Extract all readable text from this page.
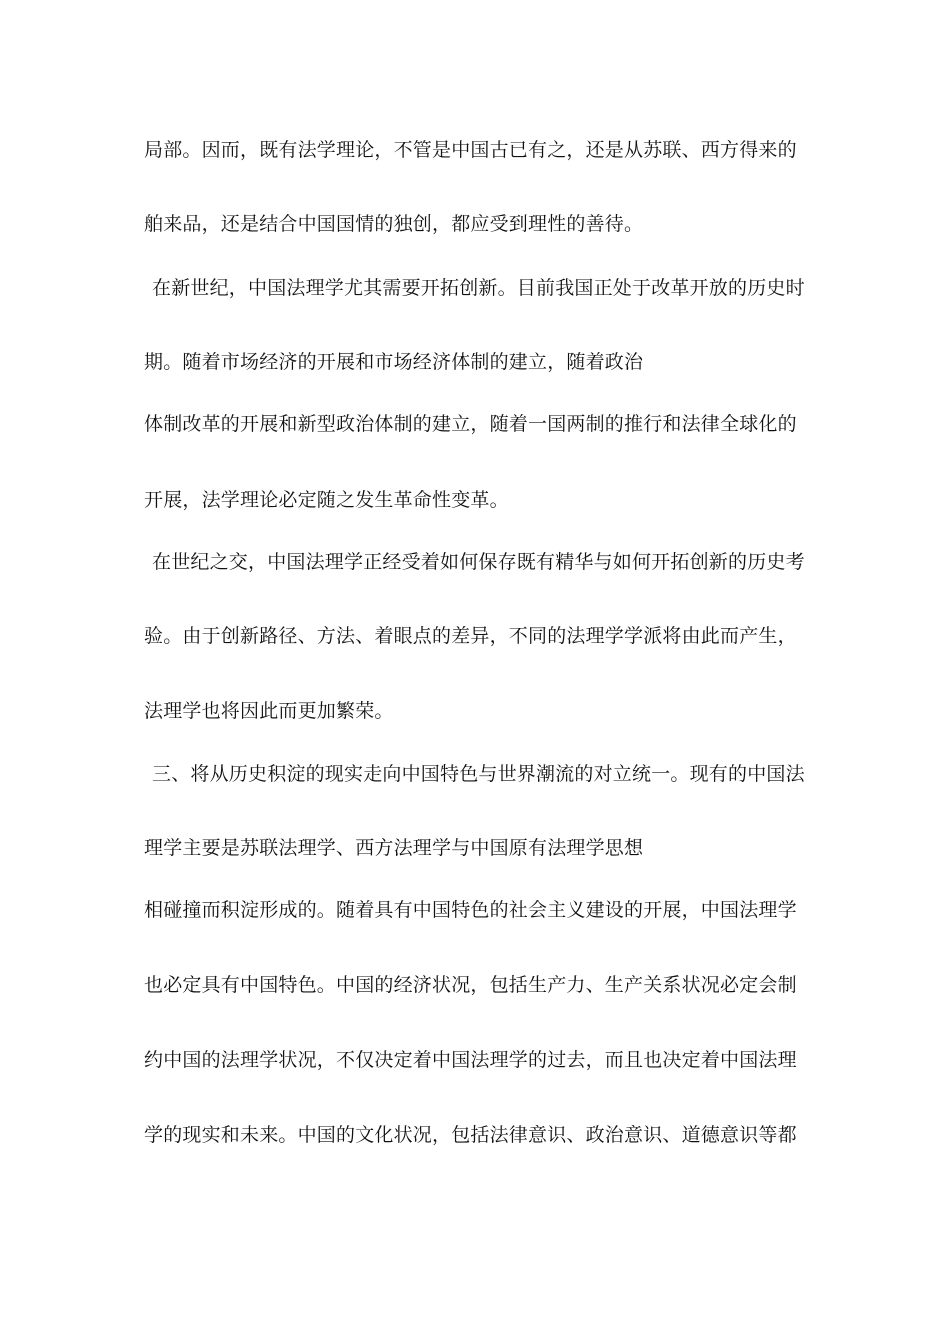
局部。因而，既有法学理论，不管是中国古已有之，还是从苏联、西方得来的
舶来品，还是结合中国国情的独创，都应受到理性的善待。
在新世纪，中国法理学尤其需要开拓创新。目前我国正处于改革开放的历史时
期。随着市场经济的开展和市场经济体制的建立，随着政治
体制改革的开展和新型政治体制的建立，随着一国两制的推行和法律全球化的
开展，法学理论必定随之发生革命性变革。
在世纪之交，中国法理学正经受着如何保存既有精华与如何开拓创新的历史考
验。由于创新路径、方法、着眼点的差异，不同的法理学学派将由此而产生，
法理学也将因此而更加繁荣。
三、将从历史积淀的现实走向中国特色与世界潮流的对立统一。现有的中国法
理学主要是苏联法理学、西方法理学与中国原有法理学思想
相碰撞而积淀形成的。随着具有中国特色的社会主义建设的开展，中国法理学
也必定具有中国特色。中国的经济状况，包括生产力、生产关系状况必定会制
约中国的法理学状况，不仅决定着中国法理学的过去，而且也决定着中国法理
学的现实和未来。中国的文化状况，包括法律意识、政治意识、道德意识等都
